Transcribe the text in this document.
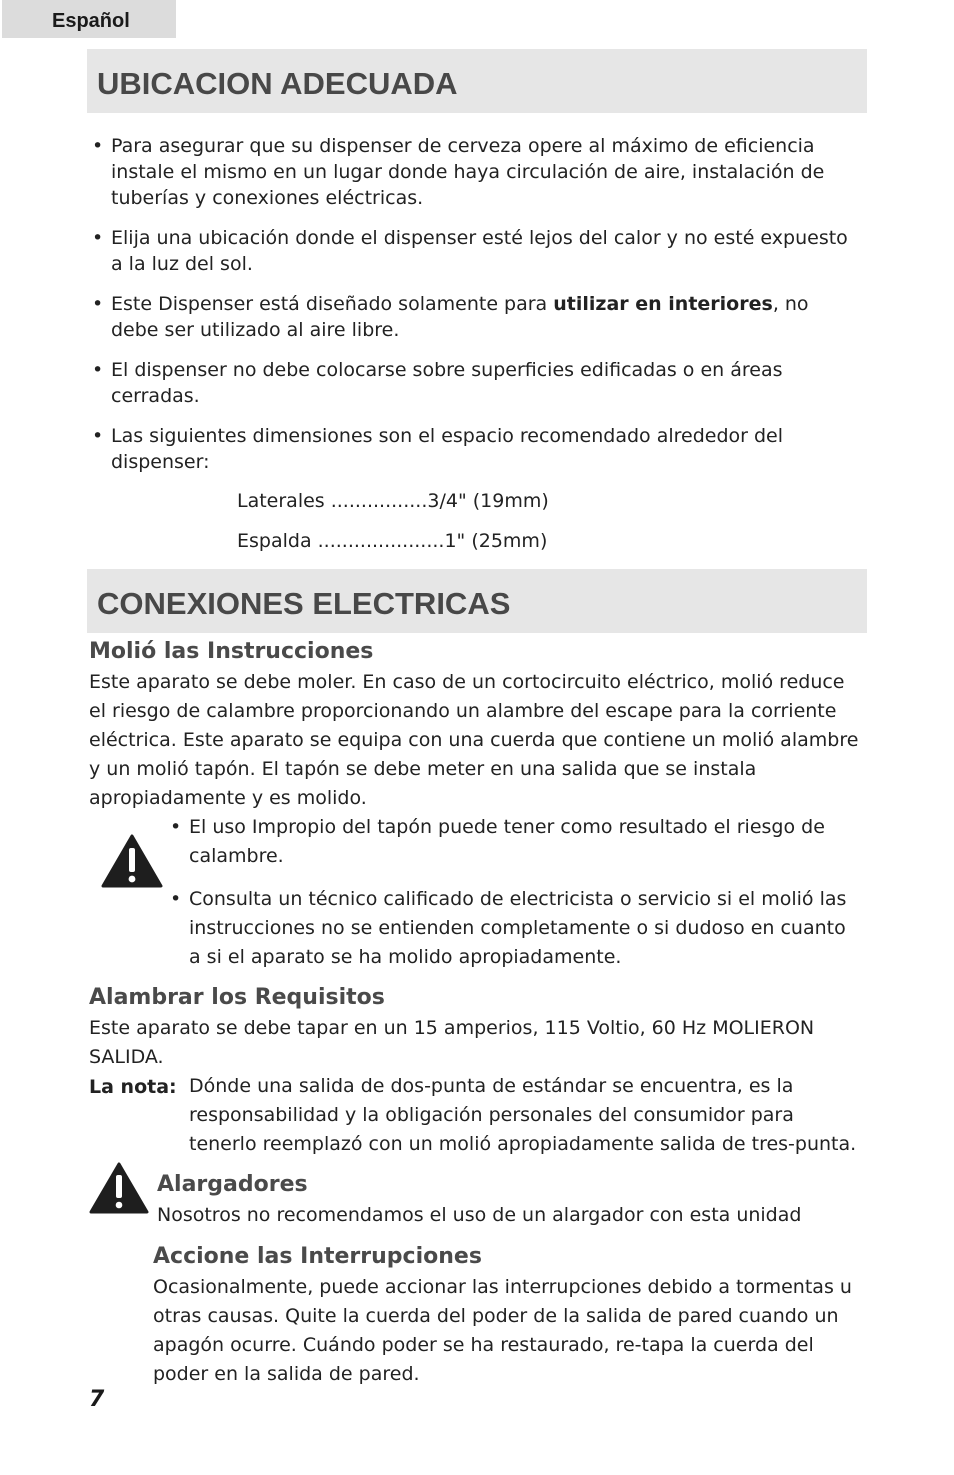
Español
UBICACION ADECUADA
• Para asegurar que su dispenser de cerveza opere al máximo de eficiencia instale el mismo en un lugar donde haya circulación de aire, instalación de tuberías y conexiones eléctricas.
• Elija una ubicación donde el dispenser esté lejos del calor y no esté expuesto a la luz del sol.
• Este Dispenser está diseñado solamente para utilizar en interiores, no debe ser utilizado al aire libre.
• El dispenser no debe colocarse sobre superficies edificadas o en áreas cerradas.
• Las siguientes dimensiones son el espacio recomendado alrededor del dispenser:
Laterales ................3/4" (19mm)
Espalda .....................1" (25mm)
CONEXIONES ELECTRICAS
Molió las Instrucciones

Este aparato se debe moler. En caso de un cortocircuito eléctrico, molió reduce el riesgo de calambre proporcionando un alambre del escape para la corriente eléctrica. Este aparato se equipa con una cuerda que contiene un molió alambre y un molió tapón. El tapón se debe meter en una salida que se instala apropiadamente y es molido.

• El uso Impropio del tapón puede tener como resultado el riesgo de calambre.
• Consulta un técnico calificado de electricista o servicio si el molió las instrucciones no se entienden completamente o si dudoso en cuanto a si el aparato se ha molido apropiadamente.
Alambrar los Requisitos

Este aparato se debe tapar en un 15 amperios, 115 Voltio, 60 Hz MOLIERON SALIDA.

La nota: Dónde una salida de dos-punta de estándar se encuentra, es la responsabilidad y la obligación personales del consumidor para tenerlo reemplazó con un molió apropiadamente salida de tres-punta.

Alargadores

Nosotros no recomendamos el uso de un alargador con esta unidad

Accione las Interrupciones

Ocasionalmente, puede accionar las interrupciones debido a tormentas u otras causas. Quite la cuerda del poder de la salida de pared cuando un apagón ocurre. Cuándo poder se ha restaurado, re-tapa la cuerda del poder en la salida de pared.

7
